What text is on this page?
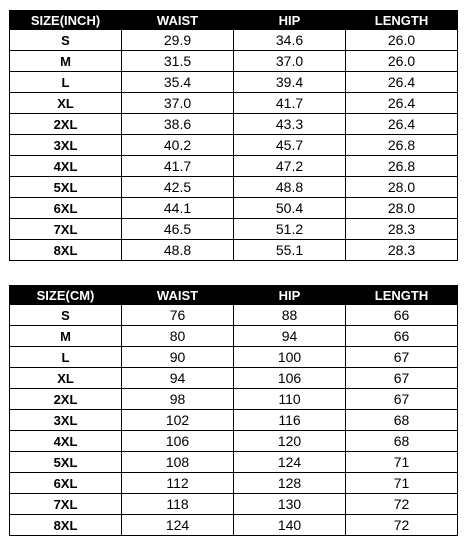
SIZE(INCH)	WAIST	HIP	LENGTH
S	29.9	34.6	26.0
M	31.5	37.0	26.0
L	35.4	39.4	26.4
XL	37.0	41.7	26.4
2XL	38.6	43.3	26.4
3XL	40.2	45.7	26.8
4XL	41.7	47.2	26.8
5XL	42.5	48.8	28.0
6XL	44.1	50.4	28.0
7XL	46.5	51.2	28.3
8XL	48.8	55.1	28.3
SIZE(CM)	WAIST	HIP	LENGTH
S	76	88	66
M	80	94	66
L	90	100	67
XL	94	106	67
2XL	98	110	67
3XL	102	116	68
4XL	106	120	68
5XL	108	124	71
6XL	112	128	71
7XL	118	130	72
8XL	124	140	72
